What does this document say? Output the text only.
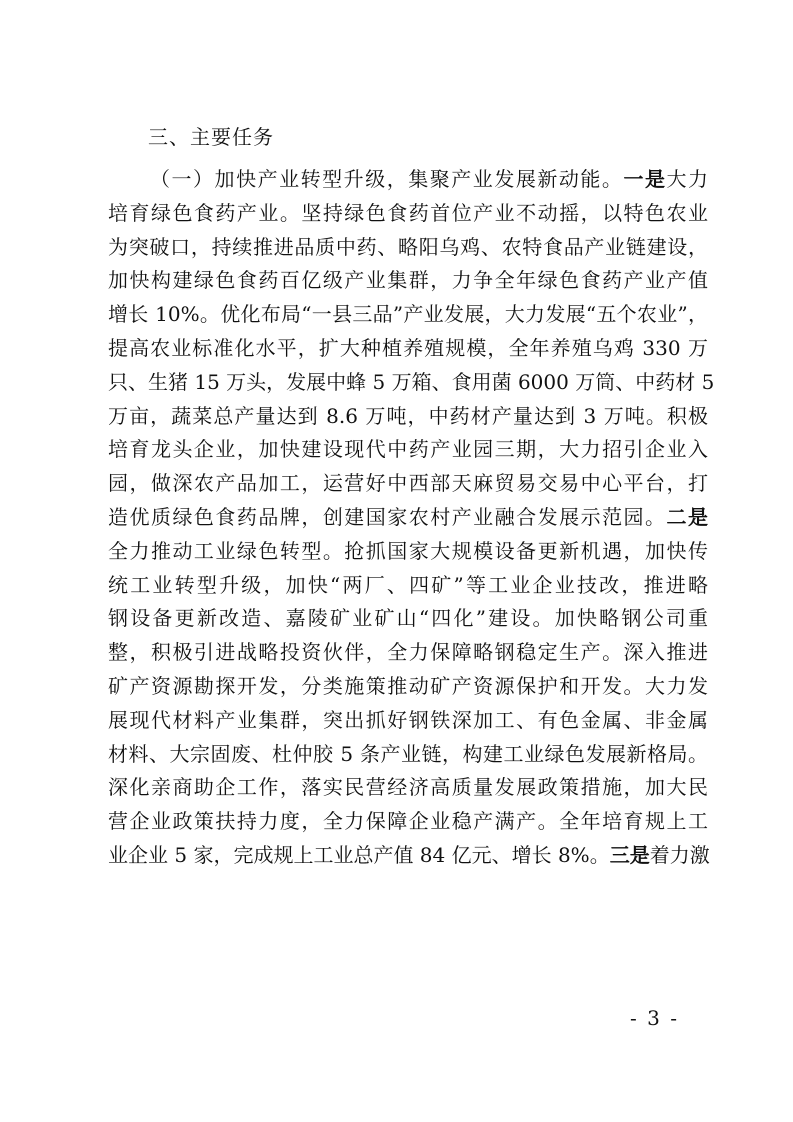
三、主要任务
（一）加快产业转型升级，集聚产业发展新动能。一是大力
培育绿色食药产业。坚持绿色食药首位产业不动摇，以特色农业
为突破口，持续推进品质中药、略阳乌鸡、农特食品产业链建设，
加快构建绿色食药百亿级产业集群，力争全年绿色食药产业产值
增长 10%。优化布局“一县三品”产业发展，大力发展“五个农业”，
提高农业标准化水平，扩大种植养殖规模，全年养殖乌鸡 330 万
只、生猪 15 万头，发展中蜂 5 万箱、食用菌 6000 万筒、中药材 5
万亩，蔬菜总产量达到 8.6 万吨，中药材产量达到 3 万吨。积极
培育龙头企业，加快建设现代中药产业园三期，大力招引企业入
园，做深农产品加工，运营好中西部天麻贸易交易中心平台，打
造优质绿色食药品牌，创建国家农村产业融合发展示范园。二是
全力推动工业绿色转型。抢抓国家大规模设备更新机遇，加快传
统工业转型升级，加快“两厂、四矿”等工业企业技改，推进略
钢设备更新改造、嘉陵矿业矿山“四化”建设。加快略钢公司重
整，积极引进战略投资伙伴，全力保障略钢稳定生产。深入推进
矿产资源勘探开发，分类施策推动矿产资源保护和开发。大力发
展现代材料产业集群，突出抓好钢铁深加工、有色金属、非金属
材料、大宗固废、杜仲胶 5 条产业链，构建工业绿色发展新格局。
深化亲商助企工作，落实民营经济高质量发展政策措施，加大民
营企业政策扶持力度，全力保障企业稳产满产。全年培育规上工
业企业 5 家，完成规上工业总产值 84 亿元、增长 8%。三是着力激
- 3 -
